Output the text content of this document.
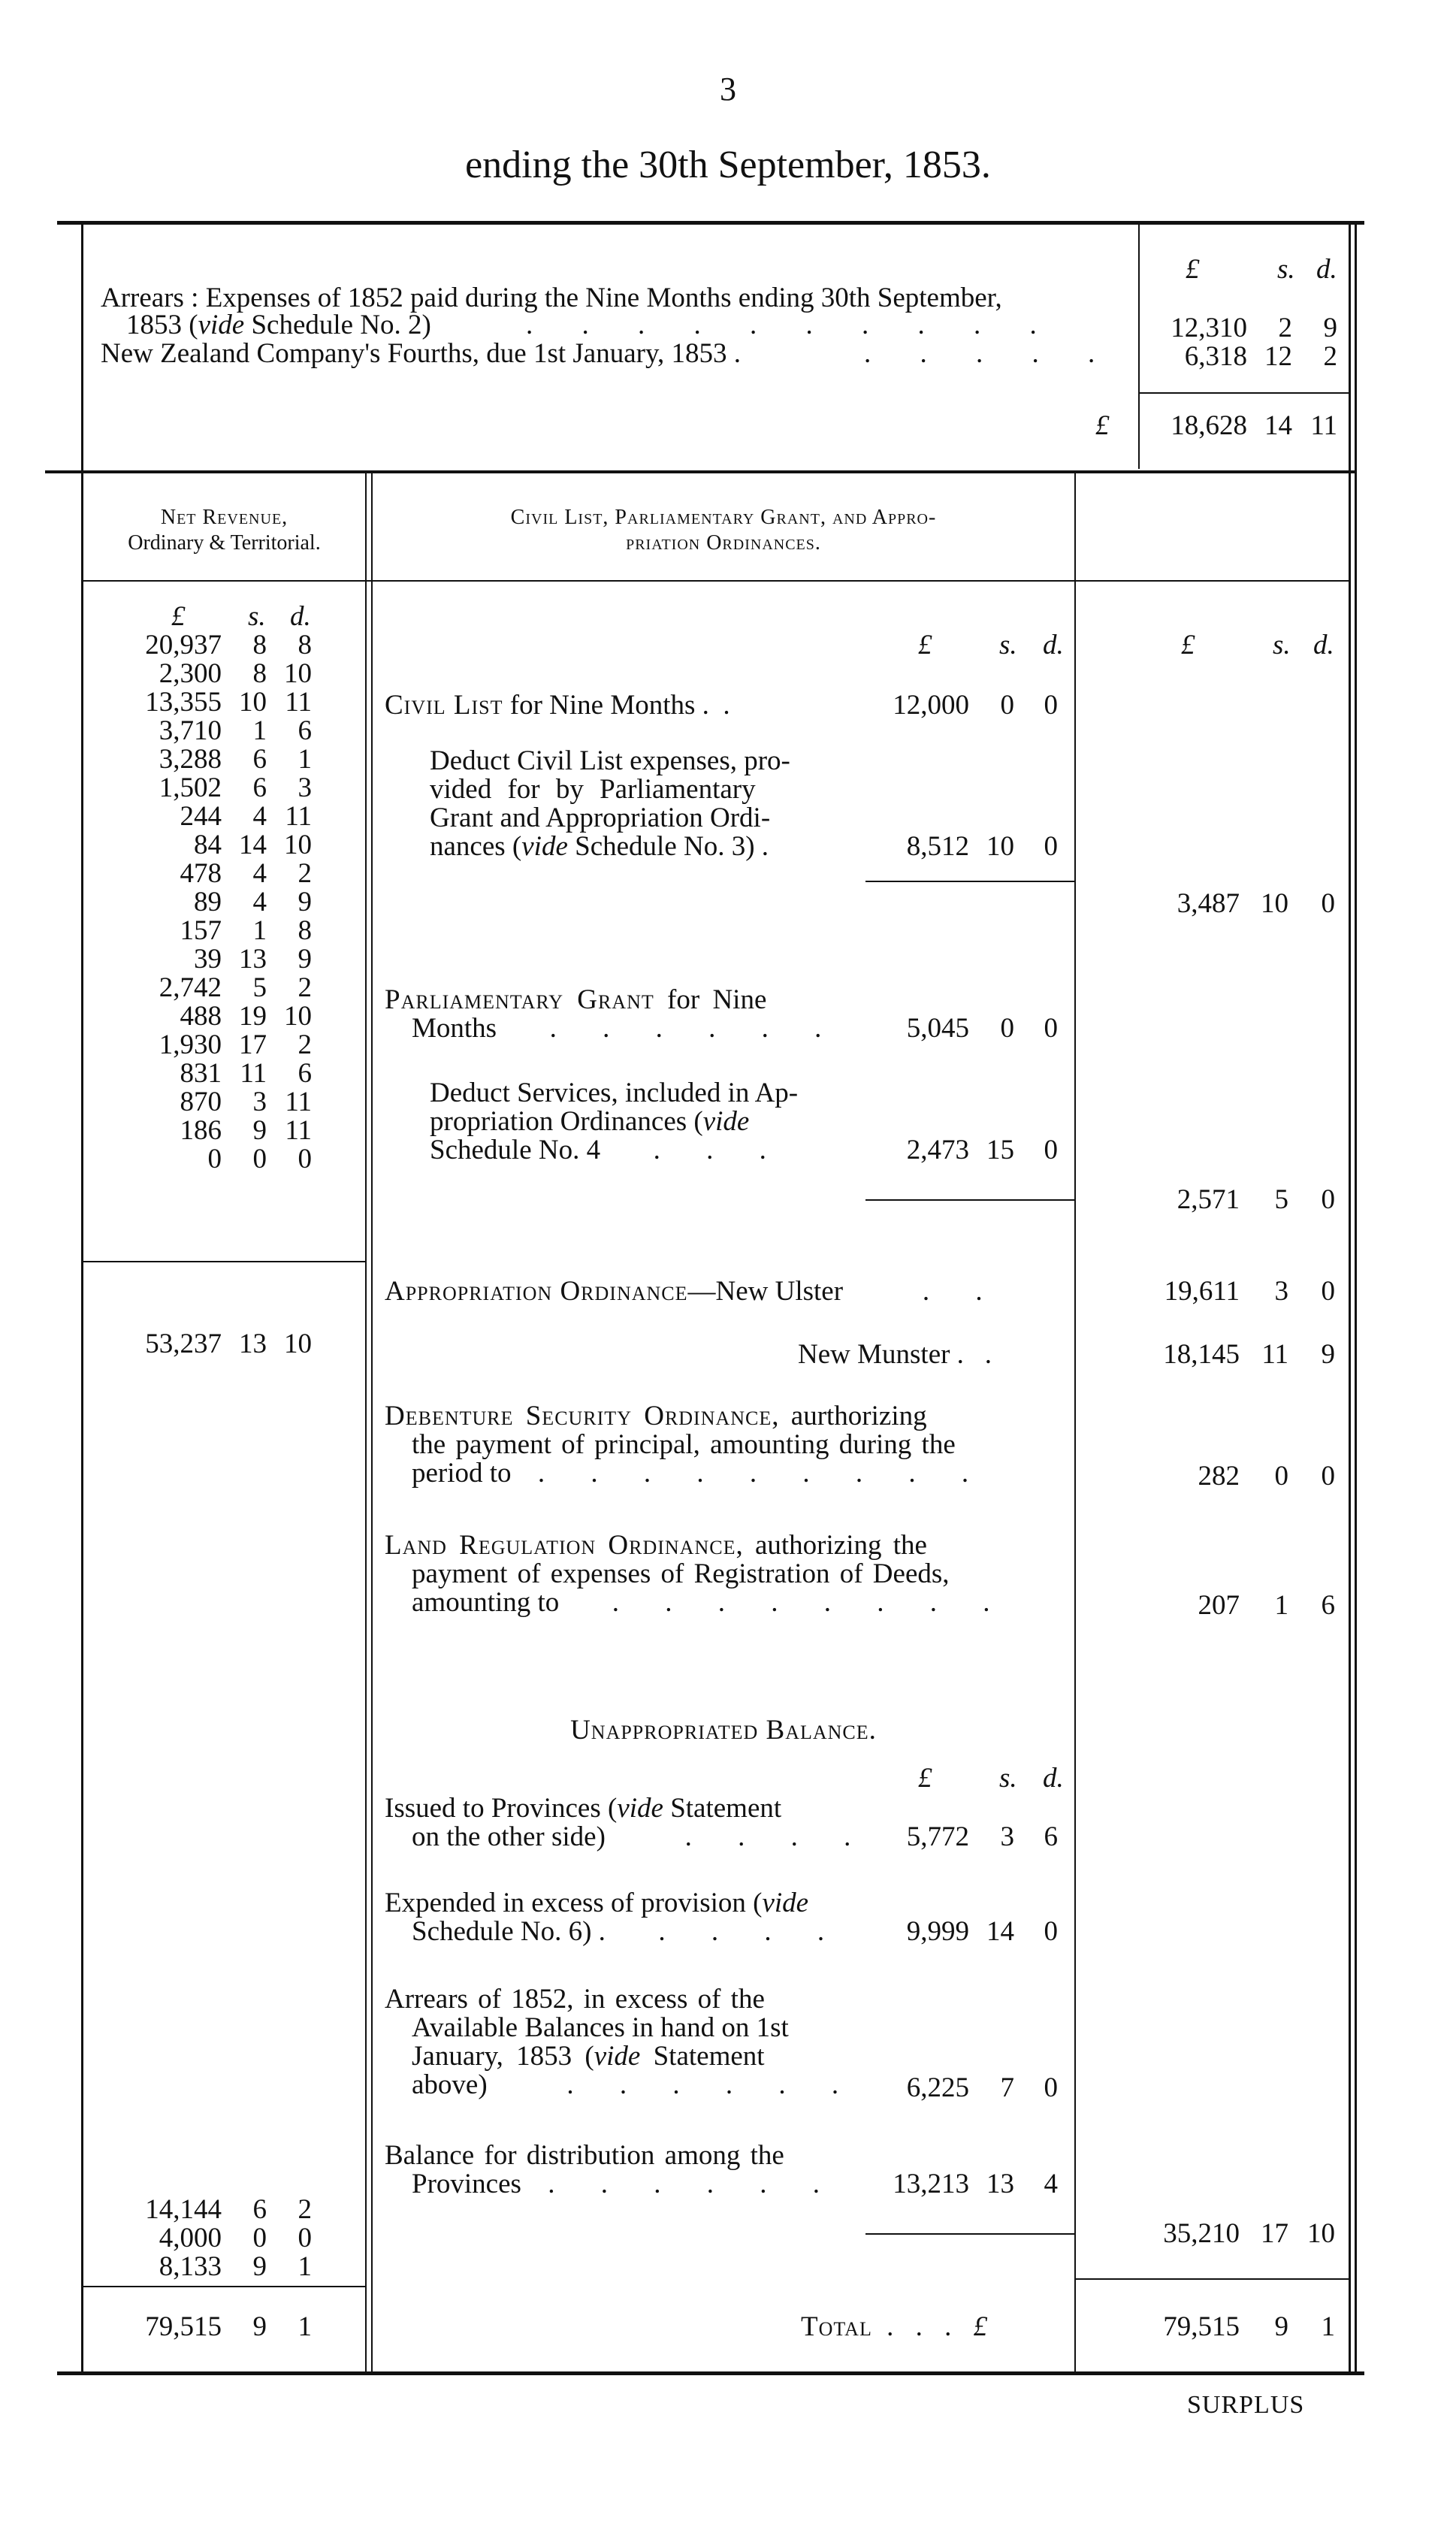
3
ending the 30th September, 1853.
£	s. d.
Arrears : Expenses of 1852 paid during the Nine Months ending 30th September,
1853 (vide Schedule No. 2)	. . . . . . . . . .
New Zealand Company's Fourths, due 1st January, 1853 .	. . . . .
12,310	2	9
6,318 12	2
£	18,628 14 11
Net Revenue,
Ordinary & Territorial.
Civil List, Parliamentary Grant, and Appro-
priation Ordinances.
£ s. d.
20,937	8	8
2,300	8 10
13,355 10 11
3,710	1	6
3,288	6	1
1,502	6	3
244	4 11
84 14 10
478	4	2
89	4	9
157	1	8
39 13	9
2,742	5	2
488 19 10
1,930 17	2
831 11	6
870	3 11
186	9 11
0	0	0
53,237 13 10
14,144	6	2
4,000	0	0
8,133	9	1
79,515	9	1
£ s. d.	£	s. d.
Civil List for Nine Months .  .	12,000	0	0
Deduct Civil List expenses, pro-
vided for by Parliamentary
Grant and Appropriation Ordi-
nances (vide Schedule No. 3) .	8,512 10	0
3,487 10	0
Parliamentary Grant for Nine
Months  . . . . . .	5,045	0	0
Deduct Services, included in Ap-
propriation Ordinances (vide
Schedule No. 4  . . .	2,473 15	0
2,571	5	0
Appropriation Ordinance—New Ulster   . .	19,611	3	0
New Munster .   .	18,145 11	9
Debenture Security Ordinance, aurthorizing
the payment of principal, amounting during the
period to . . . . . . . . .	282	0	0
Land Regulation Ordinance, authorizing the
payment of expenses of Registration of Deeds,
amounting to  . . . . . . . .	207	1	6
Unappropriated Balance.
£ s. d.
Issued to Provinces (vide Statement
on the other side)   . . . .	5,772	3	6
Expended in excess of provision (vide
Schedule No. 6) .  . . . .	9,999 14	0
Arrears of 1852, in excess of the
Available Balances in hand on 1st
January, 1853 (vide Statement
above)   . . . . . .	6,225	7	0
Balance for distribution among the
Provinces . . . . . .	13,213 13	4
35,210 17 10
Total . . . £	79,515	9	1
SURPLUS
